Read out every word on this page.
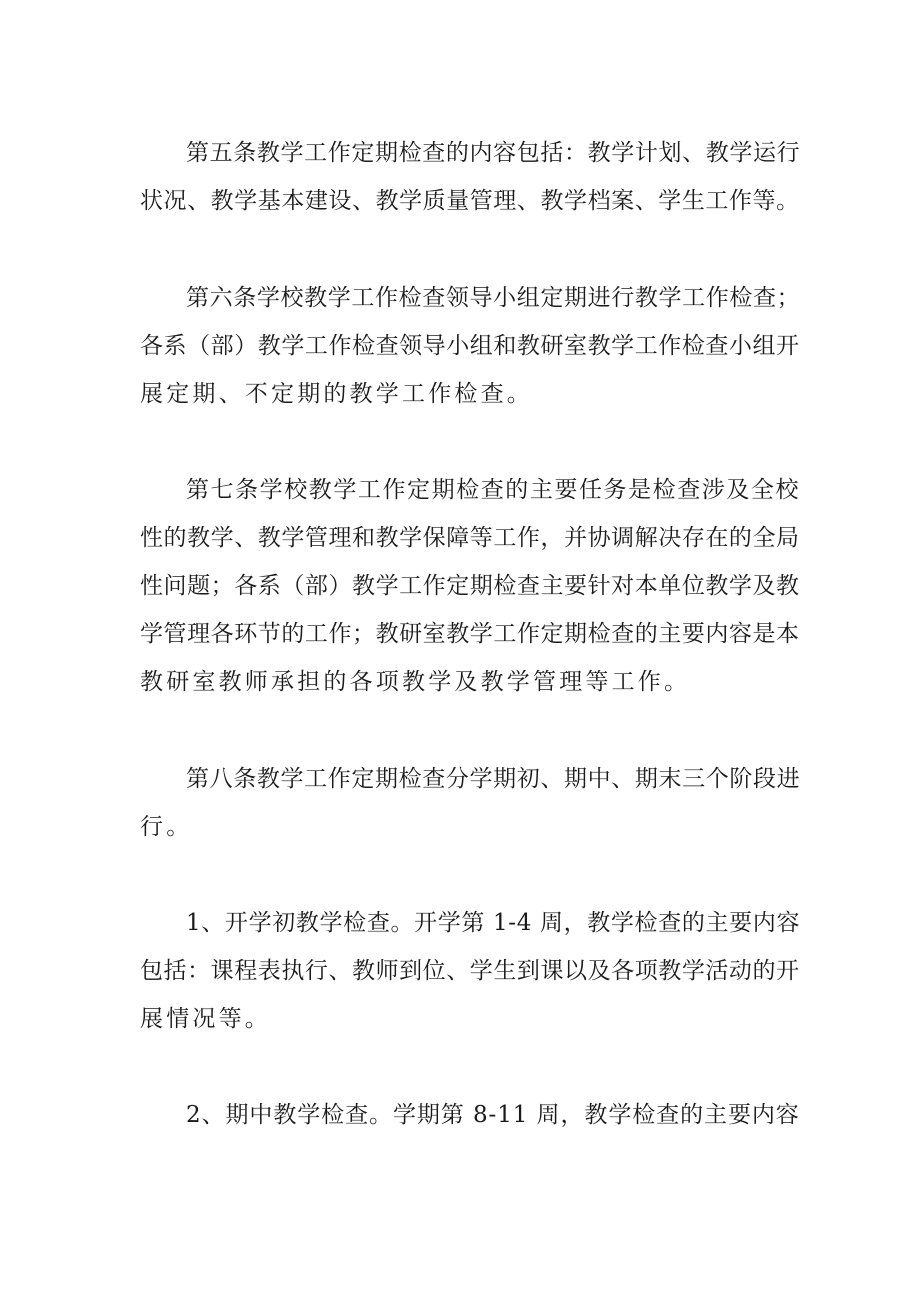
第五条教学工作定期检查的内容包括：教学计划、教学运行
状况、教学基本建设、教学质量管理、教学档案、学生工作等。
第六条学校教学工作检查领导小组定期进行教学工作检查；
各系（部）教学工作检查领导小组和教研室教学工作检查小组开
展定期、不定期的教学工作检查。
第七条学校教学工作定期检查的主要任务是检查涉及全校
性的教学、教学管理和教学保障等工作，并协调解决存在的全局
性问题；各系（部）教学工作定期检查主要针对本单位教学及教
学管理各环节的工作；教研室教学工作定期检查的主要内容是本
教研室教师承担的各项教学及教学管理等工作。
第八条教学工作定期检查分学期初、期中、期末三个阶段进
行。
1、开学初教学检查。开学第 1-4 周，教学检查的主要内容
包括：课程表执行、教师到位、学生到课以及各项教学活动的开
展情况等。
2、期中教学检查。学期第 8-11 周，教学检查的主要内容
